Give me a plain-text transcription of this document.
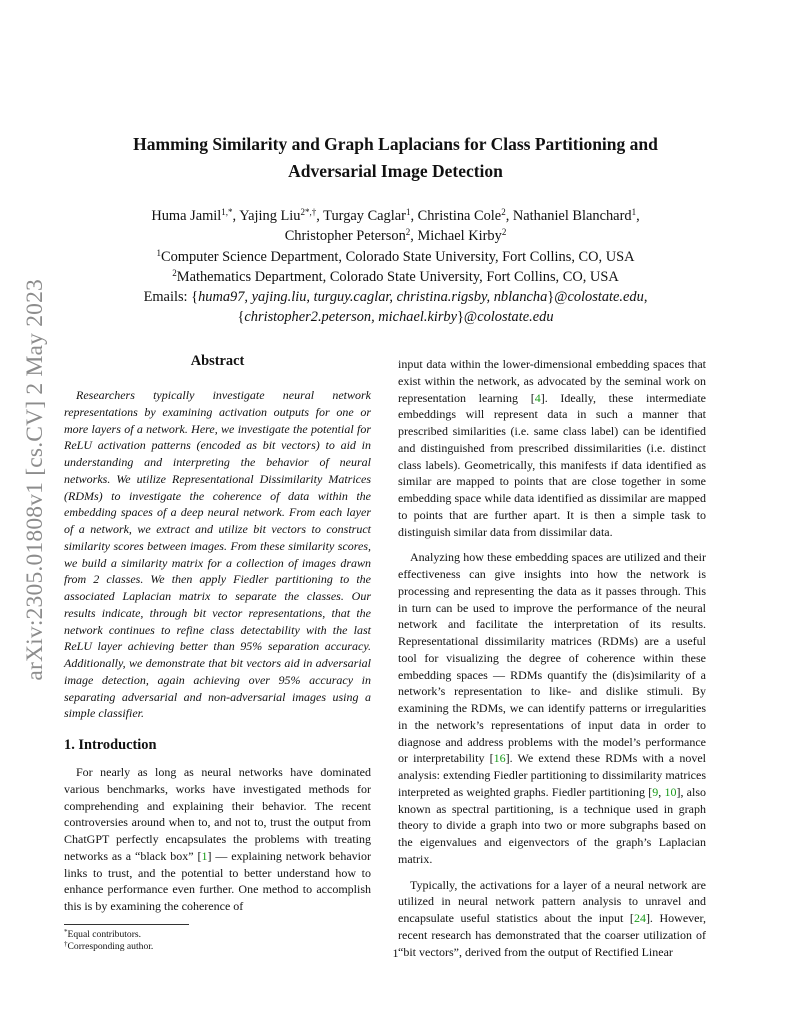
arXiv:2305.01808v1 [cs.CV] 2 May 2023
Hamming Similarity and Graph Laplacians for Class Partitioning and Adversarial Image Detection
Huma Jamil$^{1,*}$, Yajing Liu$^{2*,\dagger}$, Turgay Caglar$^1$, Christina Cole$^2$, Nathaniel Blanchard$^1$,
Christopher Peterson$^2$, Michael Kirby$^2$
$^1$Computer Science Department, Colorado State University, Fort Collins, CO, USA
$^2$Mathematics Department, Colorado State University, Fort Collins, CO, USA
Emails: {huma97, yajing.liu, turguy.caglar, christina.rigsby, nblancha}@colostate.edu,
{christopher2.peterson, michael.kirby}@colostate.edu
Abstract

Researchers typically investigate neural network representations by examining activation outputs for one or more layers of a network. Here, we investigate the potential for ReLU activation patterns (encoded as bit vectors) to aid in understanding and interpreting the behavior of neural networks. We utilize Representational Dissimilarity Matrices (RDMs) to investigate the coherence of data within the embedding spaces of a deep neural network. From each layer of a network, we extract and utilize bit vectors to construct similarity scores between images. From these similarity scores, we build a similarity matrix for a collection of images drawn from 2 classes. We then apply Fiedler partitioning to the associated Laplacian matrix to separate the classes. Our results indicate, through bit vector representations, that the network continues to refine class detectability with the last ReLU layer achieving better than 95% separation accuracy. Additionally, we demonstrate that bit vectors aid in adversarial image detection, again achieving over 95% accuracy in separating adversarial and non-adversarial images using a simple classifier.

1. Introduction

For nearly as long as neural networks have dominated various benchmarks, works have investigated methods for comprehending and explaining their behavior. The recent controversies around when to, and not to, trust the output from ChatGPT perfectly encapsulates the problems with treating networks as a “black box” [1] — explaining network behavior links to trust, and the potential to better understand how to enhance performance even further. One method to accomplish this is by examining the coherence of

*Equal contributors.

†Corresponding author.

input data within the lower-dimensional embedding spaces that exist within the network, as advocated by the seminal work on representation learning [4]. Ideally, these intermediate embeddings will represent data in such a manner that prescribed similarities (i.e. same class label) can be identified and distinguished from prescribed dissimilarities (i.e. distinct class labels). Geometrically, this manifests if data identified as similar are mapped to points that are close together in some embedding space while data identified as dissimilar are mapped to points that are further apart. It is then a simple task to distinguish similar data from dissimilar data.

Analyzing how these embedding spaces are utilized and their effectiveness can give insights into how the network is processing and representing the data as it passes through. This in turn can be used to improve the performance of the neural network and facilitate the interpretation of its results. Representational dissimilarity matrices (RDMs) are a useful tool for visualizing the degree of coherence within these embedding spaces — RDMs quantify the (dis)similarity of a network’s representation to like- and dislike stimuli. By examining the RDMs, we can identify patterns or irregularities in the network’s representations of input data in order to diagnose and address problems with the model’s performance or interpretability [16]. We extend these RDMs with a novel analysis: extending Fiedler partitioning to dissimilarity matrices interpreted as weighted graphs. Fiedler partitioning [9, 10], also known as spectral partitioning, is a technique used in graph theory to divide a graph into two or more subgraphs based on the eigenvalues and eigenvectors of the graph’s Laplacian matrix.

Typically, the activations for a layer of a neural network are utilized in neural network pattern analysis to unravel and encapsulate useful statistics about the input [24]. However, recent research has demonstrated that the coarser utilization of “bit vectors”, derived from the output of Rectified Linear

1
